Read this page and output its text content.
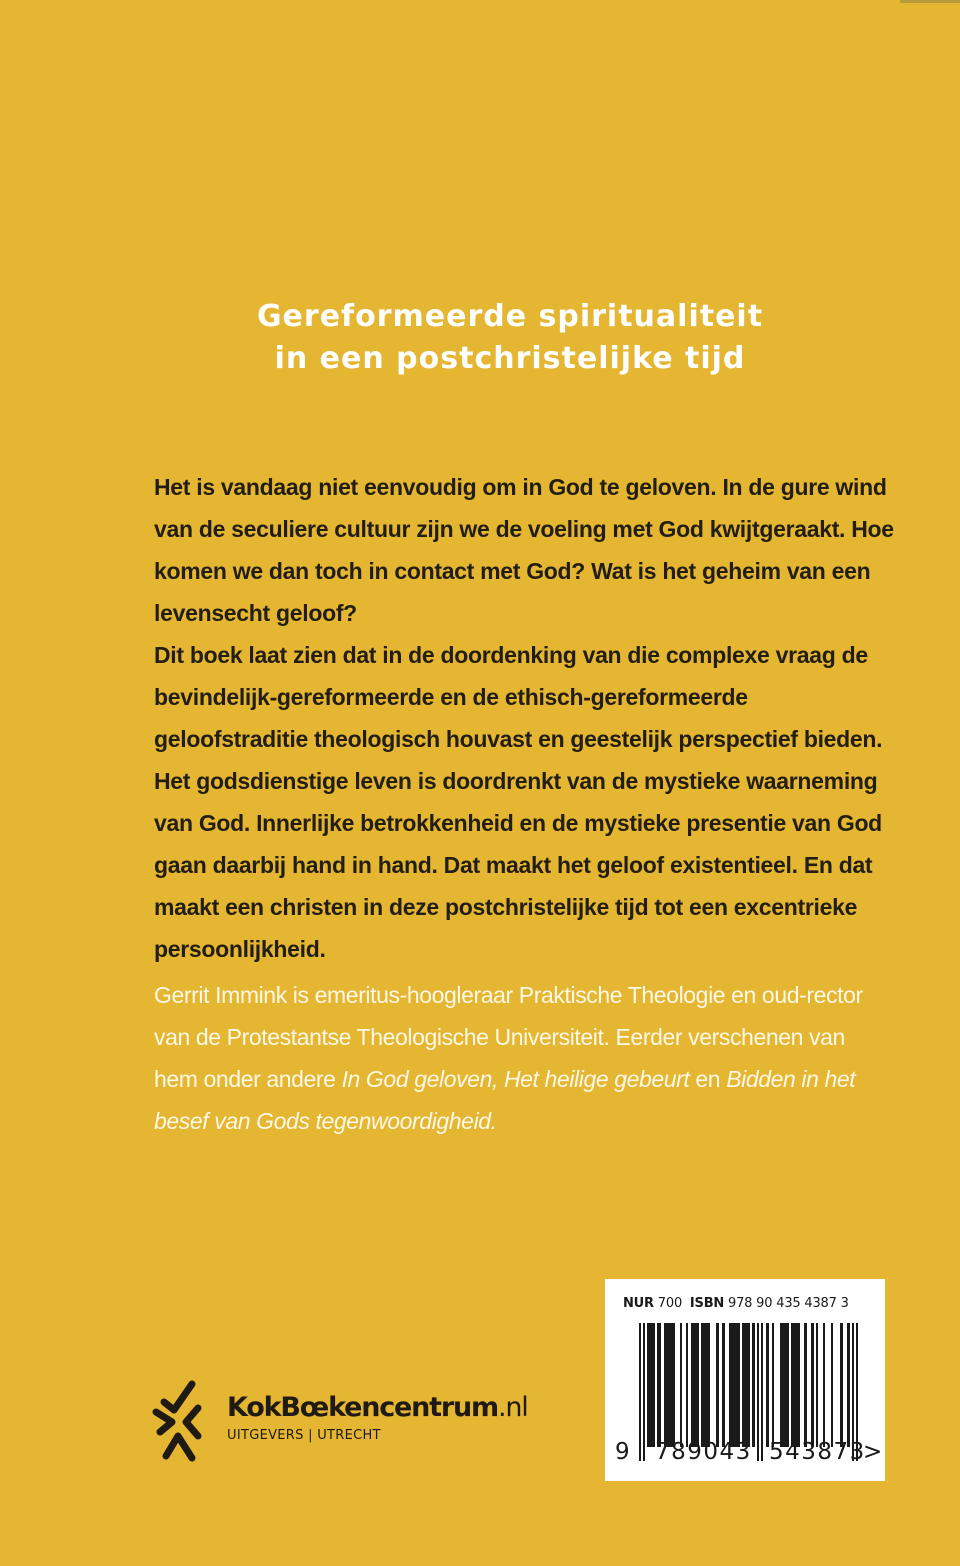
Gereformeerde spiritualiteit
in een postchristelijke tijd

Het is vandaag niet eenvoudig om in God te geloven. In de gure wind van de seculiere cultuur zijn we de voeling met God kwijtgeraakt. Hoe komen we dan toch in contact met God? Wat is het geheim van een levensecht geloof?

Dit boek laat zien dat in de doordenking van die complexe vraag de bevindelijk-gereformeerde en de ethisch-gereformeerde geloofstraditie theologisch houvast en geestelijk perspectief bieden. Het godsdienstige leven is doordrenkt van de mystieke waarneming van God. Innerlijke betrokkenheid en de mystieke presentie van God gaan daarbij hand in hand. Dat maakt het geloof existentieel. En dat maakt een christen in deze postchristelijke tijd tot een excentrieke persoonlijkheid.

Gerrit Immink is emeritus-hoogleraar Praktische Theologie en oud-rector van de Protestantse Theologische Universiteit. Eerder verschenen van hem onder andere In God geloven, Het heilige gebeurt en Bidden in het besef van Gods tegenwoordigheid.
KokBœkencentrum.nl
UITGEVERS | UTRECHT
NUR 700 ISBN 978 90 435 4387 3
9 789043 543873
>
